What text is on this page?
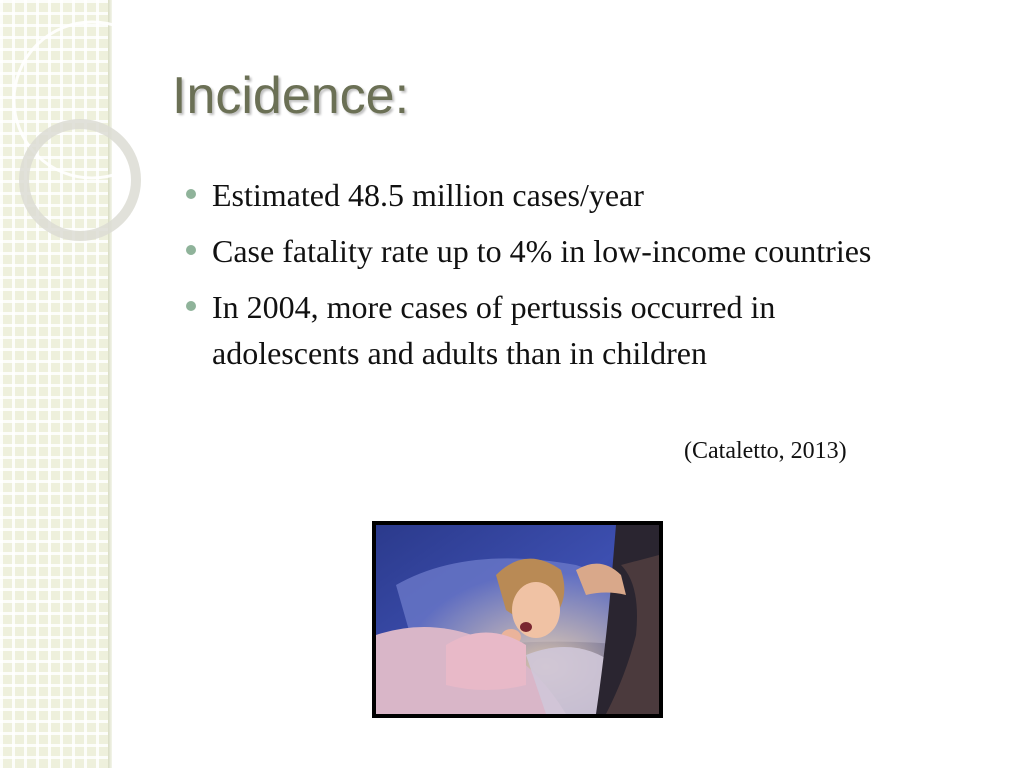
Incidence:
Estimated 48.5 million cases/year
Case fatality rate up to 4% in low-income countries
In 2004, more cases of pertussis occurred in adolescents and adults than in children
(Cataletto, 2013)
